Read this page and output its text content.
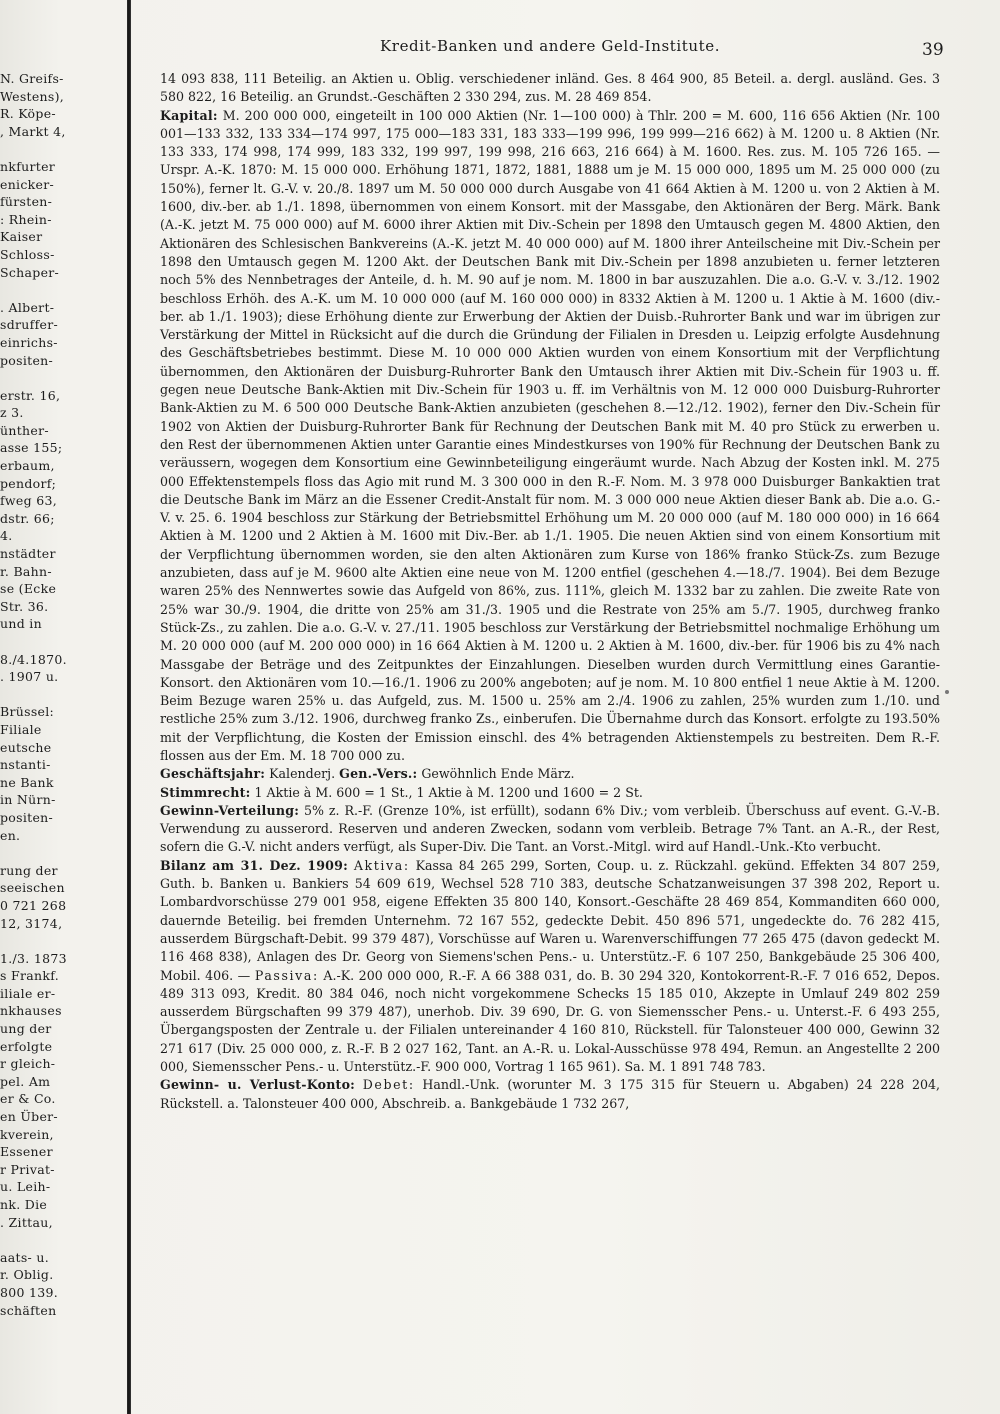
N. Greifs-
Westens),
R. Köpe-
, Markt 4,
nkfurter
enicker-
fürsten-
: Rhein-
Kaiser
Schloss-
Schaper-
. Albert-
sdruffer-
einrichs-
positen-
erstr. 16,
z 3.
ünther-
asse 155;
erbaum,
pendorf;
fweg 63,
dstr. 66;
4.
nstädter
r. Bahn-
se (Ecke
Str. 36.
und in
8./4.1870.
. 1907 u.
Brüssel:
Filiale
eutsche
nstanti-
ne Bank
in Nürn-
positen-
en.
rung der
seeischen
0 721 268
12, 3174,
1./3. 1873
s Frankf.
iliale er-
nkhauses
ung der
erfolgte
r gleich-
pel. Am
er & Co.
en Über-
kverein,
Essener
r Privat-
u. Leih-
nk. Die
. Zittau,
aats- u.
r. Oblig.
800 139.
schäften
Kredit-Banken und andere Geld-Institute.	39

14 093 838, 111 Beteilig. an Aktien u. Oblig. verschiedener inländ. Ges. 8 464 900, 85 Beteil. a. dergl. ausländ. Ges. 3 580 822, 16 Beteilig. an Grundst.-Geschäften 2 330 294, zus. M. 28 469 854.

Kapital: M. 200 000 000, eingeteilt in 100 000 Aktien (Nr. 1—100 000) à Thlr. 200 = M. 600, 116 656 Aktien (Nr. 100 001—133 332, 133 334—174 997, 175 000—183 331, 183 333—199 996, 199 999—216 662) à M. 1200 u. 8 Aktien (Nr. 133 333, 174 998, 174 999, 183 332, 199 997, 199 998, 216 663, 216 664) à M. 1600. Res. zus. M. 105 726 165. — Urspr. A.-K. 1870: M. 15 000 000. Erhöhung 1871, 1872, 1881, 1888 um je M. 15 000 000, 1895 um M. 25 000 000 (zu 150%), ferner lt. G.-V. v. 20./8. 1897 um M. 50 000 000 durch Ausgabe von 41 664 Aktien à M. 1200 u. von 2 Aktien à M. 1600, div.-ber. ab 1./1. 1898, übernommen von einem Konsort. mit der Massgabe, den Aktionären der Berg. Märk. Bank (A.-K. jetzt M. 75 000 000) auf M. 6000 ihrer Aktien mit Div.-Schein per 1898 den Umtausch gegen M. 4800 Aktien, den Aktionären des Schlesischen Bankvereins (A.-K. jetzt M. 40 000 000) auf M. 1800 ihrer Anteilscheine mit Div.-Schein per 1898 den Umtausch gegen M. 1200 Akt. der Deutschen Bank mit Div.-Schein per 1898 anzubieten u. ferner letzteren noch 5% des Nennbetrages der Anteile, d. h. M. 90 auf je nom. M. 1800 in bar auszuzahlen. Die a.o. G.-V. v. 3./12. 1902 beschloss Erhöh. des A.-K. um M. 10 000 000 (auf M. 160 000 000) in 8332 Aktien à M. 1200 u. 1 Aktie à M. 1600 (div.-ber. ab 1./1. 1903); diese Erhöhung diente zur Erwerbung der Aktien der Duisb.-Ruhrorter Bank und war im übrigen zur Verstärkung der Mittel in Rücksicht auf die durch die Gründung der Filialen in Dresden u. Leipzig erfolgte Ausdehnung des Geschäftsbetriebes bestimmt. Diese M. 10 000 000 Aktien wurden von einem Konsortium mit der Verpflichtung übernommen, den Aktionären der Duisburg-Ruhrorter Bank den Umtausch ihrer Aktien mit Div.-Schein für 1903 u. ff. gegen neue Deutsche Bank-Aktien mit Div.-Schein für 1903 u. ff. im Verhältnis von M. 12 000 000 Duisburg-Ruhrorter Bank-Aktien zu M. 6 500 000 Deutsche Bank-Aktien anzubieten (geschehen 8.—12./12. 1902), ferner den Div.-Schein für 1902 von Aktien der Duisburg-Ruhrorter Bank für Rechnung der Deutschen Bank mit M. 40 pro Stück zu erwerben u. den Rest der übernommenen Aktien unter Garantie eines Mindestkurses von 190% für Rechnung der Deutschen Bank zu veräussern, wogegen dem Konsortium eine Gewinnbeteiligung eingeräumt wurde. Nach Abzug der Kosten inkl. M. 275 000 Effektenstempels floss das Agio mit rund M. 3 300 000 in den R.-F. Nom. M. 3 978 000 Duisburger Bankaktien trat die Deutsche Bank im März an die Essener Credit-Anstalt für nom. M. 3 000 000 neue Aktien dieser Bank ab. Die a.o. G.-V. v. 25. 6. 1904 beschloss zur Stärkung der Betriebsmittel Erhöhung um M. 20 000 000 (auf M. 180 000 000) in 16 664 Aktien à M. 1200 und 2 Aktien à M. 1600 mit Div.-Ber. ab 1./1. 1905. Die neuen Aktien sind von einem Konsortium mit der Verpflichtung übernommen worden, sie den alten Aktionären zum Kurse von 186% franko Stück-Zs. zum Bezuge anzubieten, dass auf je M. 9600 alte Aktien eine neue von M. 1200 entfiel (geschehen 4.—18./7. 1904). Bei dem Bezuge waren 25% des Nennwertes sowie das Aufgeld von 86%, zus. 111%, gleich M. 1332 bar zu zahlen. Die zweite Rate von 25% war 30./9. 1904, die dritte von 25% am 31./3. 1905 und die Restrate von 25% am 5./7. 1905, durchweg franko Stück-Zs., zu zahlen. Die a.o. G.-V. v. 27./11. 1905 beschloss zur Verstärkung der Betriebsmittel nochmalige Erhöhung um M. 20 000 000 (auf M. 200 000 000) in 16 664 Aktien à M. 1200 u. 2 Aktien à M. 1600, div.-ber. für 1906 bis zu 4% nach Massgabe der Beträge und des Zeitpunktes der Einzahlungen. Dieselben wurden durch Vermittlung eines Garantie-Konsort. den Aktionären vom 10.—16./1. 1906 zu 200% angeboten; auf je nom. M. 10 800 entfiel 1 neue Aktie à M. 1200. Beim Bezuge waren 25% u. das Aufgeld, zus. M. 1500 u. 25% am 2./4. 1906 zu zahlen, 25% wurden zum 1./10. und restliche 25% zum 3./12. 1906, durchweg franko Zs., einberufen. Die Übernahme durch das Konsort. erfolgte zu 193.50% mit der Verpflichtung, die Kosten der Emission einschl. des 4% betragenden Aktienstempels zu bestreiten. Dem R.-F. flossen aus der Em. M. 18 700 000 zu.

Geschäftsjahr: Kalenderj. Gen.-Vers.: Gewöhnlich Ende März.

Stimmrecht: 1 Aktie à M. 600 = 1 St., 1 Aktie à M. 1200 und 1600 = 2 St.

Gewinn-Verteilung: 5% z. R.-F. (Grenze 10%, ist erfüllt), sodann 6% Div.; vom verbleib. Überschuss auf event. G.-V.-B. Verwendung zu ausserord. Reserven und anderen Zwecken, sodann vom verbleib. Betrage 7% Tant. an A.-R., der Rest, sofern die G.-V. nicht anders verfügt, als Super-Div. Die Tant. an Vorst.-Mitgl. wird auf Handl.-Unk.-Kto verbucht.

Bilanz am 31. Dez. 1909: Aktiva: Kassa 84 265 299, Sorten, Coup. u. z. Rückzahl. gekünd. Effekten 34 807 259, Guth. b. Banken u. Bankiers 54 609 619, Wechsel 528 710 383, deutsche Schatzanweisungen 37 398 202, Report u. Lombardvorschüsse 279 001 958, eigene Effekten 35 800 140, Konsort.-Geschäfte 28 469 854, Kommanditen 660 000, dauernde Beteilig. bei fremden Unternehm. 72 167 552, gedeckte Debit. 450 896 571, ungedeckte do. 76 282 415, ausserdem Bürgschaft-Debit. 99 379 487), Vorschüsse auf Waren u. Warenverschiffungen 77 265 475 (davon gedeckt M. 116 468 838), Anlagen des Dr. Georg von Siemens'schen Pens.- u. Unterstütz.-F. 6 107 250, Bankgebäude 25 306 400, Mobil. 406. — Passiva: A.-K. 200 000 000, R.-F. A 66 388 031, do. B. 30 294 320, Kontokorrent-R.-F. 7 016 652, Depos. 489 313 093, Kredit. 80 384 046, noch nicht vorgekommene Schecks 15 185 010, Akzepte in Umlauf 249 802 259 ausserdem Bürgschaften 99 379 487), unerhob. Div. 39 690, Dr. G. von Siemensscher Pens.- u. Unterst.-F. 6 493 255, Übergangsposten der Zentrale u. der Filialen untereinander 4 160 810, Rückstell. für Talonsteuer 400 000, Gewinn 32 271 617 (Div. 25 000 000, z. R.-F. B 2 027 162, Tant. an A.-R. u. Lokal-Ausschüsse 978 494, Remun. an Angestellte 2 200 000, Siemensscher Pens.- u. Unterstütz.-F. 900 000, Vortrag 1 165 961). Sa. M. 1 891 748 783.

Gewinn- u. Verlust-Konto: Debet: Handl.-Unk. (worunter M. 3 175 315 für Steuern u. Abgaben) 24 228 204, Rückstell. a. Talonsteuer 400 000, Abschreib. a. Bankgebäude 1 732 267,
